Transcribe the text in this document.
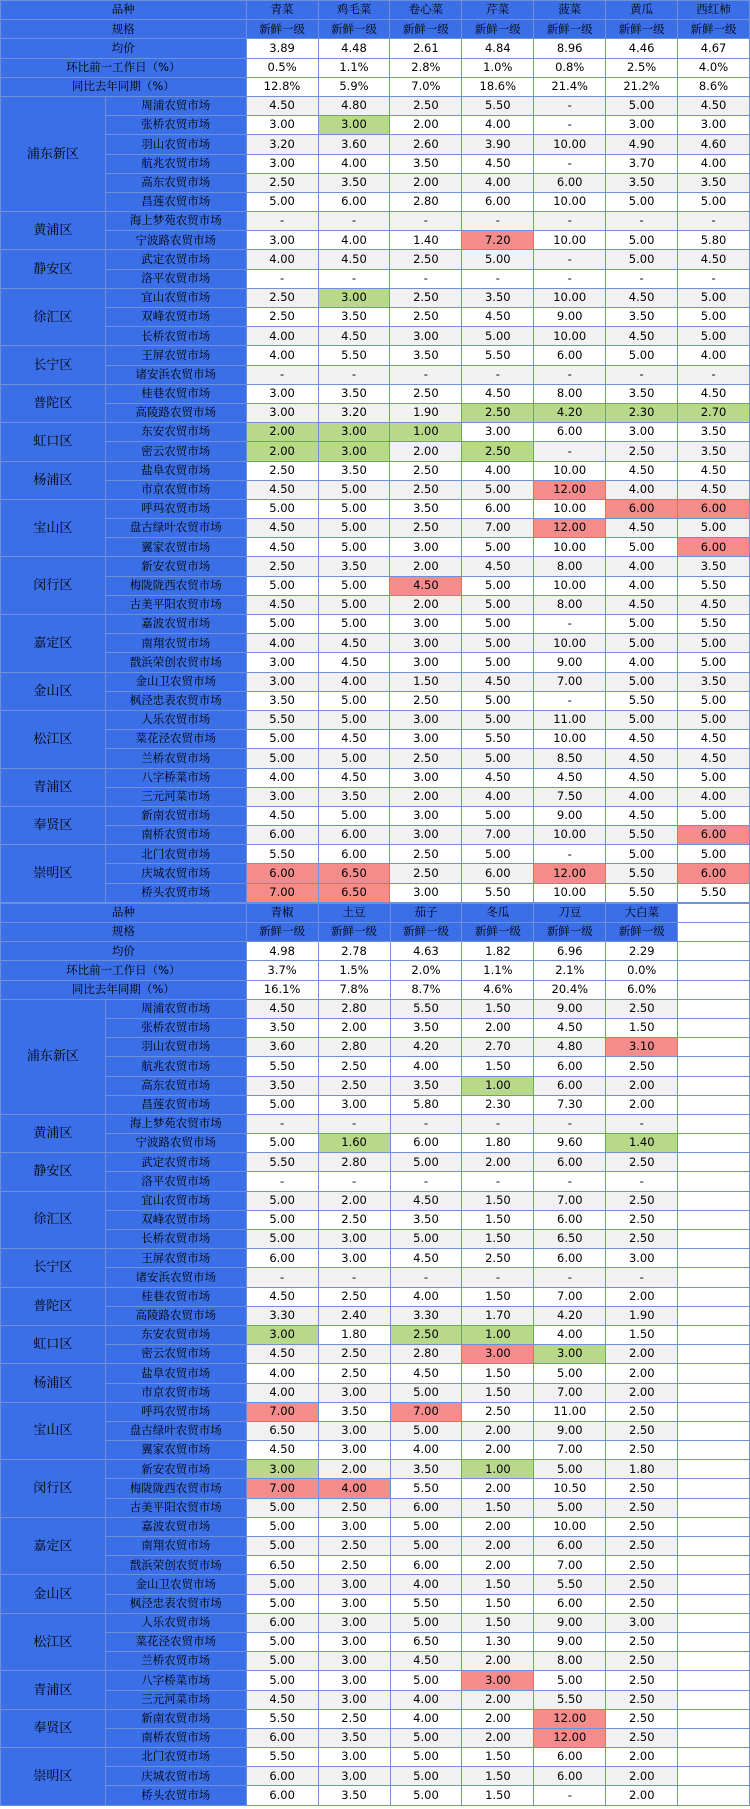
品种		青菜	鸡毛菜	卷心菜	芹菜	菠菜	黄瓜	西红柿
规格		新鲜一级	新鲜一级	新鲜一级	新鲜一级	新鲜一级	新鲜一级	新鲜一级
均价		3.89	4.48	2.61	4.84	8.96	4.46	4.67
环比前一工作日（%）		0.5%	1.1%	2.8%	1.0%	0.8%	2.5%	4.0%
同比去年同期（%）		12.8%	5.9%	7.0%	18.6%	21.4%	21.2%	8.6%
浦东新区	周浦农贸市场	4.50	4.80	2.50	5.50	-	5.00	4.50
	张桥农贸市场	3.00	3.00	2.00	4.00	-	3.00	3.00
	羽山农贸市场	3.20	3.60	2.60	3.90	10.00	4.90	4.60
	航兆农贸市场	3.00	4.00	3.50	4.50	-	3.70	4.00
	高东农贸市场	2.50	3.50	2.00	4.00	6.00	3.50	3.50
	昌莲农贸市场	5.00	6.00	2.80	6.00	10.00	5.00	5.00
黄浦区	海上梦苑农贸市场	-	-	-	-	-	-	-
	宁波路农贸市场	3.00	4.00	1.40	7.20	10.00	5.00	5.80
静安区	武定农贸市场	4.00	4.50	2.50	5.00	-	5.00	4.50
	洛平农贸市场	-	-	-	-	-	-	-
徐汇区	宜山农贸市场	2.50	3.00	2.50	3.50	10.00	4.50	5.00
	双峰农贸市场	2.50	3.50	2.50	4.50	9.00	3.50	5.00
	长桥农贸市场	4.00	4.50	3.00	5.00	10.00	4.50	5.00
长宁区	王屏农贸市场	4.00	5.50	3.50	5.50	6.00	5.00	4.00
	诸安浜农贸市场	-	-	-	-	-	-	-
普陀区	桂巷农贸市场	3.00	3.50	2.50	4.50	8.00	3.50	4.50
	高陵路农贸市场	3.00	3.20	1.90	2.50	4.20	2.30	2.70
虹口区	东安农贸市场	2.00	3.00	1.00	3.00	6.00	3.00	3.50
	密云农贸市场	2.00	3.00	2.00	2.50	-	2.50	3.50
杨浦区	盐阜农贸市场	2.50	3.50	2.50	4.00	10.00	4.50	4.50
	市京农贸市场	4.50	5.00	2.50	5.00	12.00	4.00	4.50
宝山区	呼玛农贸市场	5.00	5.00	3.50	6.00	10.00	6.00	6.00
	盘古绿叶农贸市场	4.50	5.00	2.50	7.00	12.00	4.50	5.00
	翼家农贸市场	4.50	5.00	3.00	5.00	10.00	5.00	6.00
闵行区	新安农贸市场	2.50	3.50	2.00	4.50	8.00	4.00	3.50
	梅陇陇西农贸市场	5.00	5.00	4.50	5.00	10.00	4.00	5.50
	古美平阳农贸市场	4.50	5.00	2.00	5.00	8.00	4.50	4.50
嘉定区	嘉波农贸市场	5.00	5.00	3.00	5.00	-	5.00	5.50
	南翔农贸市场	4.00	4.50	3.00	5.00	10.00	5.00	5.00
	戬浜荣创农贸市场	3.00	4.50	3.00	5.00	9.00	4.00	5.00
金山区	金山卫农贸市场	3.00	4.00	1.50	4.50	7.00	5.00	3.50
	枫泾忠表农贸市场	3.50	5.00	2.50	5.00	-	5.50	5.00
松江区	人乐农贸市场	5.50	5.00	3.00	5.00	11.00	5.00	5.00
	菜花泾农贸市场	5.00	4.50	3.00	5.50	10.00	4.50	4.50
	兰桥农贸市场	5.00	5.00	2.50	5.00	8.50	4.50	4.50
青浦区	八字桥菜市场	4.00	4.50	3.00	4.50	4.50	4.50	5.00
	三元河菜市场	3.00	3.50	2.00	4.00	7.50	4.00	4.00
奉贤区	新南农贸市场	4.50	5.00	3.00	5.00	9.00	4.50	5.00
	南桥农贸市场	6.00	6.00	3.00	7.00	10.00	5.50	6.00
崇明区	北门农贸市场	5.50	6.00	2.50	5.00	-	5.00	5.00
	庆城农贸市场	6.00	6.50	2.50	6.00	12.00	5.50	6.00
	桥头农贸市场	7.00	6.50	3.00	5.50	10.00	5.50	5.50
品种		青椒	土豆	茄子	冬瓜	刀豆	大白菜	
规格		新鲜一级	新鲜一级	新鲜一级	新鲜一级	新鲜一级	新鲜一级	
均价		4.98	2.78	4.63	1.82	6.96	2.29	
环比前一工作日（%）		3.7%	1.5%	2.0%	1.1%	2.1%	0.0%	
同比去年同期（%）		16.1%	7.8%	8.7%	4.6%	20.4%	6.0%	
浦东新区	周浦农贸市场	4.50	2.80	5.50	1.50	9.00	2.50	
	张桥农贸市场	3.50	2.00	3.50	2.00	4.50	1.50	
	羽山农贸市场	3.60	2.80	4.20	2.70	4.80	3.10	
	航兆农贸市场	5.50	2.50	4.00	1.50	6.00	2.50	
	高东农贸市场	3.50	2.50	3.50	1.00	6.00	2.00	
	昌莲农贸市场	5.00	3.00	5.80	2.30	7.30	2.00	
黄浦区	海上梦苑农贸市场	-	-	-	-	-	-	
	宁波路农贸市场	5.00	1.60	6.00	1.80	9.60	1.40	
静安区	武定农贸市场	5.50	2.80	5.00	2.00	6.00	2.50	
	洛平农贸市场	-	-	-	-	-	-	
徐汇区	宜山农贸市场	5.00	2.00	4.50	1.50	7.00	2.50	
	双峰农贸市场	5.00	2.50	3.50	1.50	6.00	2.50	
	长桥农贸市场	5.00	3.00	5.00	1.50	6.50	2.50	
长宁区	王屏农贸市场	6.00	3.00	4.50	2.50	6.00	3.00	
	诸安浜农贸市场	-	-	-	-	-	-	
普陀区	桂巷农贸市场	4.50	2.50	4.00	1.50	7.00	2.00	
	高陵路农贸市场	3.30	2.40	3.30	1.70	4.20	1.90	
虹口区	东安农贸市场	3.00	1.80	2.50	1.00	4.00	1.50	
	密云农贸市场	4.50	2.50	2.80	3.00	3.00	2.00	
杨浦区	盐阜农贸市场	4.00	2.50	4.50	1.50	5.00	2.00	
	市京农贸市场	4.00	3.00	5.00	1.50	7.00	2.00	
宝山区	呼玛农贸市场	7.00	3.50	7.00	2.50	11.00	2.50	
	盘古绿叶农贸市场	6.50	3.00	5.00	2.00	9.00	2.50	
	翼家农贸市场	4.50	3.00	4.00	2.00	7.00	2.50	
闵行区	新安农贸市场	3.00	2.00	3.50	1.00	5.00	1.80	
	梅陇陇西农贸市场	7.00	4.00	5.50	2.00	10.50	2.50	
	古美平阳农贸市场	5.00	2.50	6.00	1.50	5.00	2.50	
嘉定区	嘉波农贸市场	5.00	3.00	5.00	2.00	10.00	2.50	
	南翔农贸市场	5.00	2.50	5.00	2.00	6.00	2.50	
	戬浜荣创农贸市场	6.50	2.50	6.00	2.00	7.00	2.50	
金山区	金山卫农贸市场	5.00	3.00	4.00	1.50	5.50	2.50	
	枫泾忠表农贸市场	5.00	3.00	5.50	1.50	6.00	2.50	
松江区	人乐农贸市场	6.00	3.00	5.00	1.50	9.00	3.00	
	菜花泾农贸市场	5.00	3.00	6.50	1.30	9.00	2.50	
	兰桥农贸市场	5.00	3.00	4.50	2.00	8.00	2.50	
青浦区	八字桥菜市场	5.00	3.00	5.00	3.00	5.00	2.50	
	三元河菜市场	4.50	3.00	4.00	2.00	5.50	2.50	
奉贤区	新南农贸市场	5.50	2.50	4.00	2.00	12.00	2.50	
	南桥农贸市场	6.00	3.50	5.00	2.00	12.00	2.50	
崇明区	北门农贸市场	5.50	3.00	5.00	1.50	6.00	2.00	
	庆城农贸市场	6.00	3.00	5.00	1.50	6.00	2.00	
	桥头农贸市场	6.00	3.50	5.00	1.50	-	2.00	
